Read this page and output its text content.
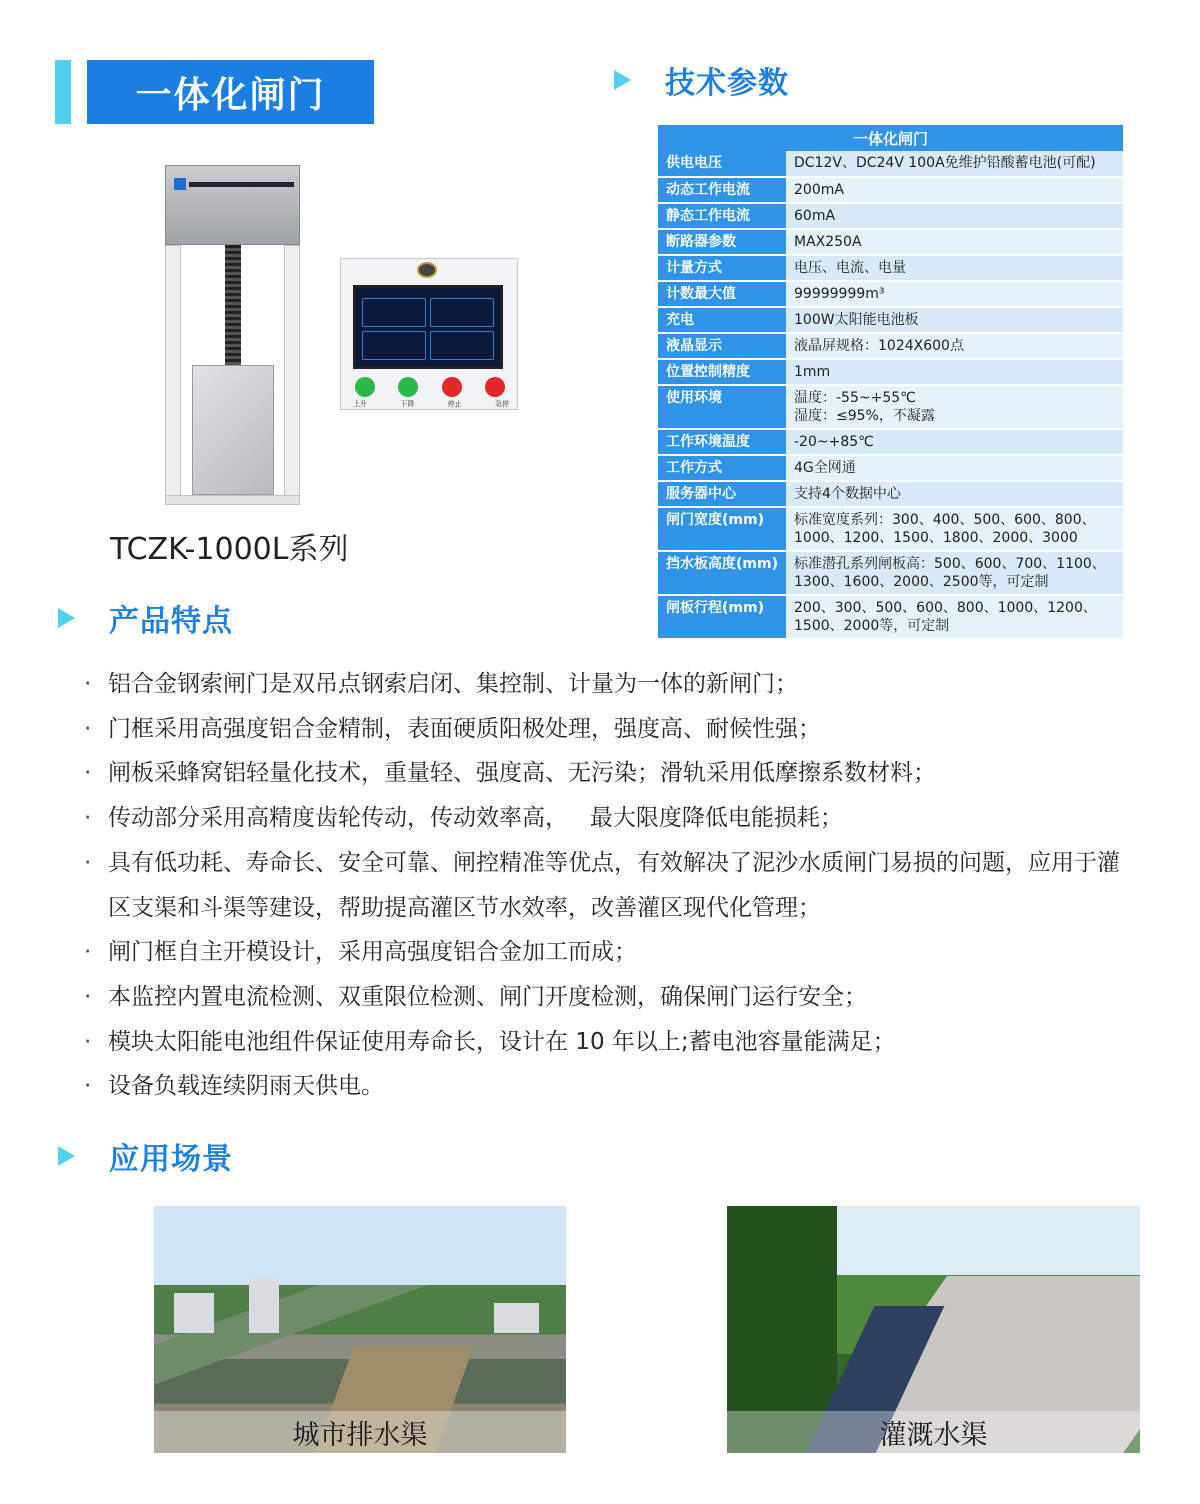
一体化闸门	技术参数
上升	下降	停止	急停
TCZK-1000L系列
一体化闸门	
供电电压	DC12V、DC24V 100A免维护铅酸蓄电池(可配)

动态工作电流	200mA

静态工作电流	60mA

断路器参数	MAX250A

计量方式	电压、电流、电量

计数最大值	99999999m³

充电	100W太阳能电池板

液晶显示	液晶屏规格：1024X600点

位置控制精度	1mm

使用环境	温度：-55~+55℃
湿度：≤95%，不凝露

工作环境温度	-20~+85℃

工作方式	4G全网通

服务器中心	支持4个数据中心

闸门宽度(mm)	标准宽度系列：300、400、500、600、800、
1000、1200、1500、1800、2000、3000

挡水板高度(mm)	标准潜孔系列闸板高：500、600、700、1100、
1300、1600、2000、2500等，可定制

闸板行程(mm)	200、300、500、600、800、1000、1200、
1500、2000等，可定制
产品特点
· 铝合金钢索闸门是双吊点钢索启闭、集控制、计量为一体的新闸门；
· 门框采用高强度铝合金精制，表面硬质阳极处理，强度高、耐候性强；
· 闸板采蜂窝铝轻量化技术，重量轻、强度高、无污染；滑轨采用低摩擦系数材料；
· 传动部分采用高精度齿轮传动，传动效率高，   最大限度降低电能损耗；
· 具有低功耗、寿命长、安全可靠、闸控精准等优点，有效解决了泥沙水质闸门易损的问题，应用于灌区支渠和斗渠等建设，帮助提高灌区节水效率，改善灌区现代化管理；
· 闸门框自主开模设计，采用高强度铝合金加工而成；
· 本监控内置电流检测、双重限位检测、闸门开度检测，确保闸门运行安全；
· 模块太阳能电池组件保证使用寿命长，设计在 10 年以上;蓄电池容量能满足；
· 设备负载连续阴雨天供电。
应用场景
城市排水渠	灌溉水渠
